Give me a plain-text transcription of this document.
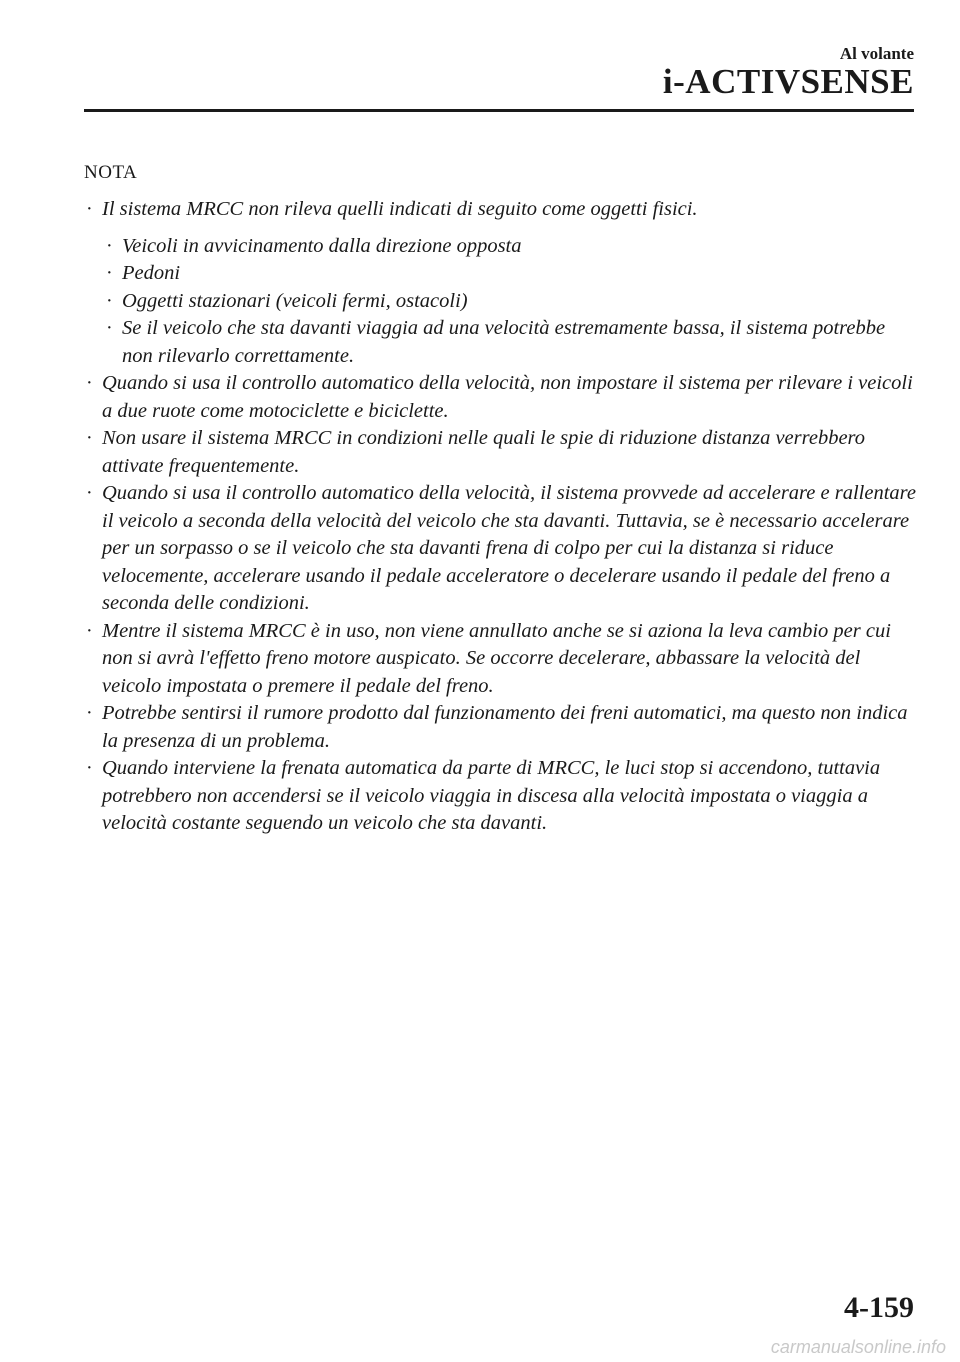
Al volante
i-ACTIVSENSE
NOTA
· Il sistema MRCC non rileva quelli indicati di seguito come oggetti fisici.
· Veicoli in avvicinamento dalla direzione opposta
· Pedoni
· Oggetti stazionari (veicoli fermi, ostacoli)
· Se il veicolo che sta davanti viaggia ad una velocità estremamente bassa, il sistema potrebbe non rilevarlo correttamente.
· Quando si usa il controllo automatico della velocità, non impostare il sistema per rilevare i veicoli a due ruote come motociclette e biciclette.
· Non usare il sistema MRCC in condizioni nelle quali le spie di riduzione distanza verrebbero attivate frequentemente.
· Quando si usa il controllo automatico della velocità, il sistema provvede ad accelerare e rallentare il veicolo a seconda della velocità del veicolo che sta davanti. Tuttavia, se è necessario accelerare per un sorpasso o se il veicolo che sta davanti frena di colpo per cui la distanza si riduce velocemente, accelerare usando il pedale acceleratore o decelerare usando il pedale del freno a seconda delle condizioni.
· Mentre il sistema MRCC è in uso, non viene annullato anche se si aziona la leva cambio per cui non si avrà l'effetto freno motore auspicato. Se occorre decelerare, abbassare la velocità del veicolo impostata o premere il pedale del freno.
· Potrebbe sentirsi il rumore prodotto dal funzionamento dei freni automatici, ma questo non indica la presenza di un problema.
· Quando interviene la frenata automatica da parte di MRCC, le luci stop si accendono, tuttavia potrebbero non accendersi se il veicolo viaggia in discesa alla velocità impostata o viaggia a velocità costante seguendo un veicolo che sta davanti.
4-159
carmanualsonline.info
